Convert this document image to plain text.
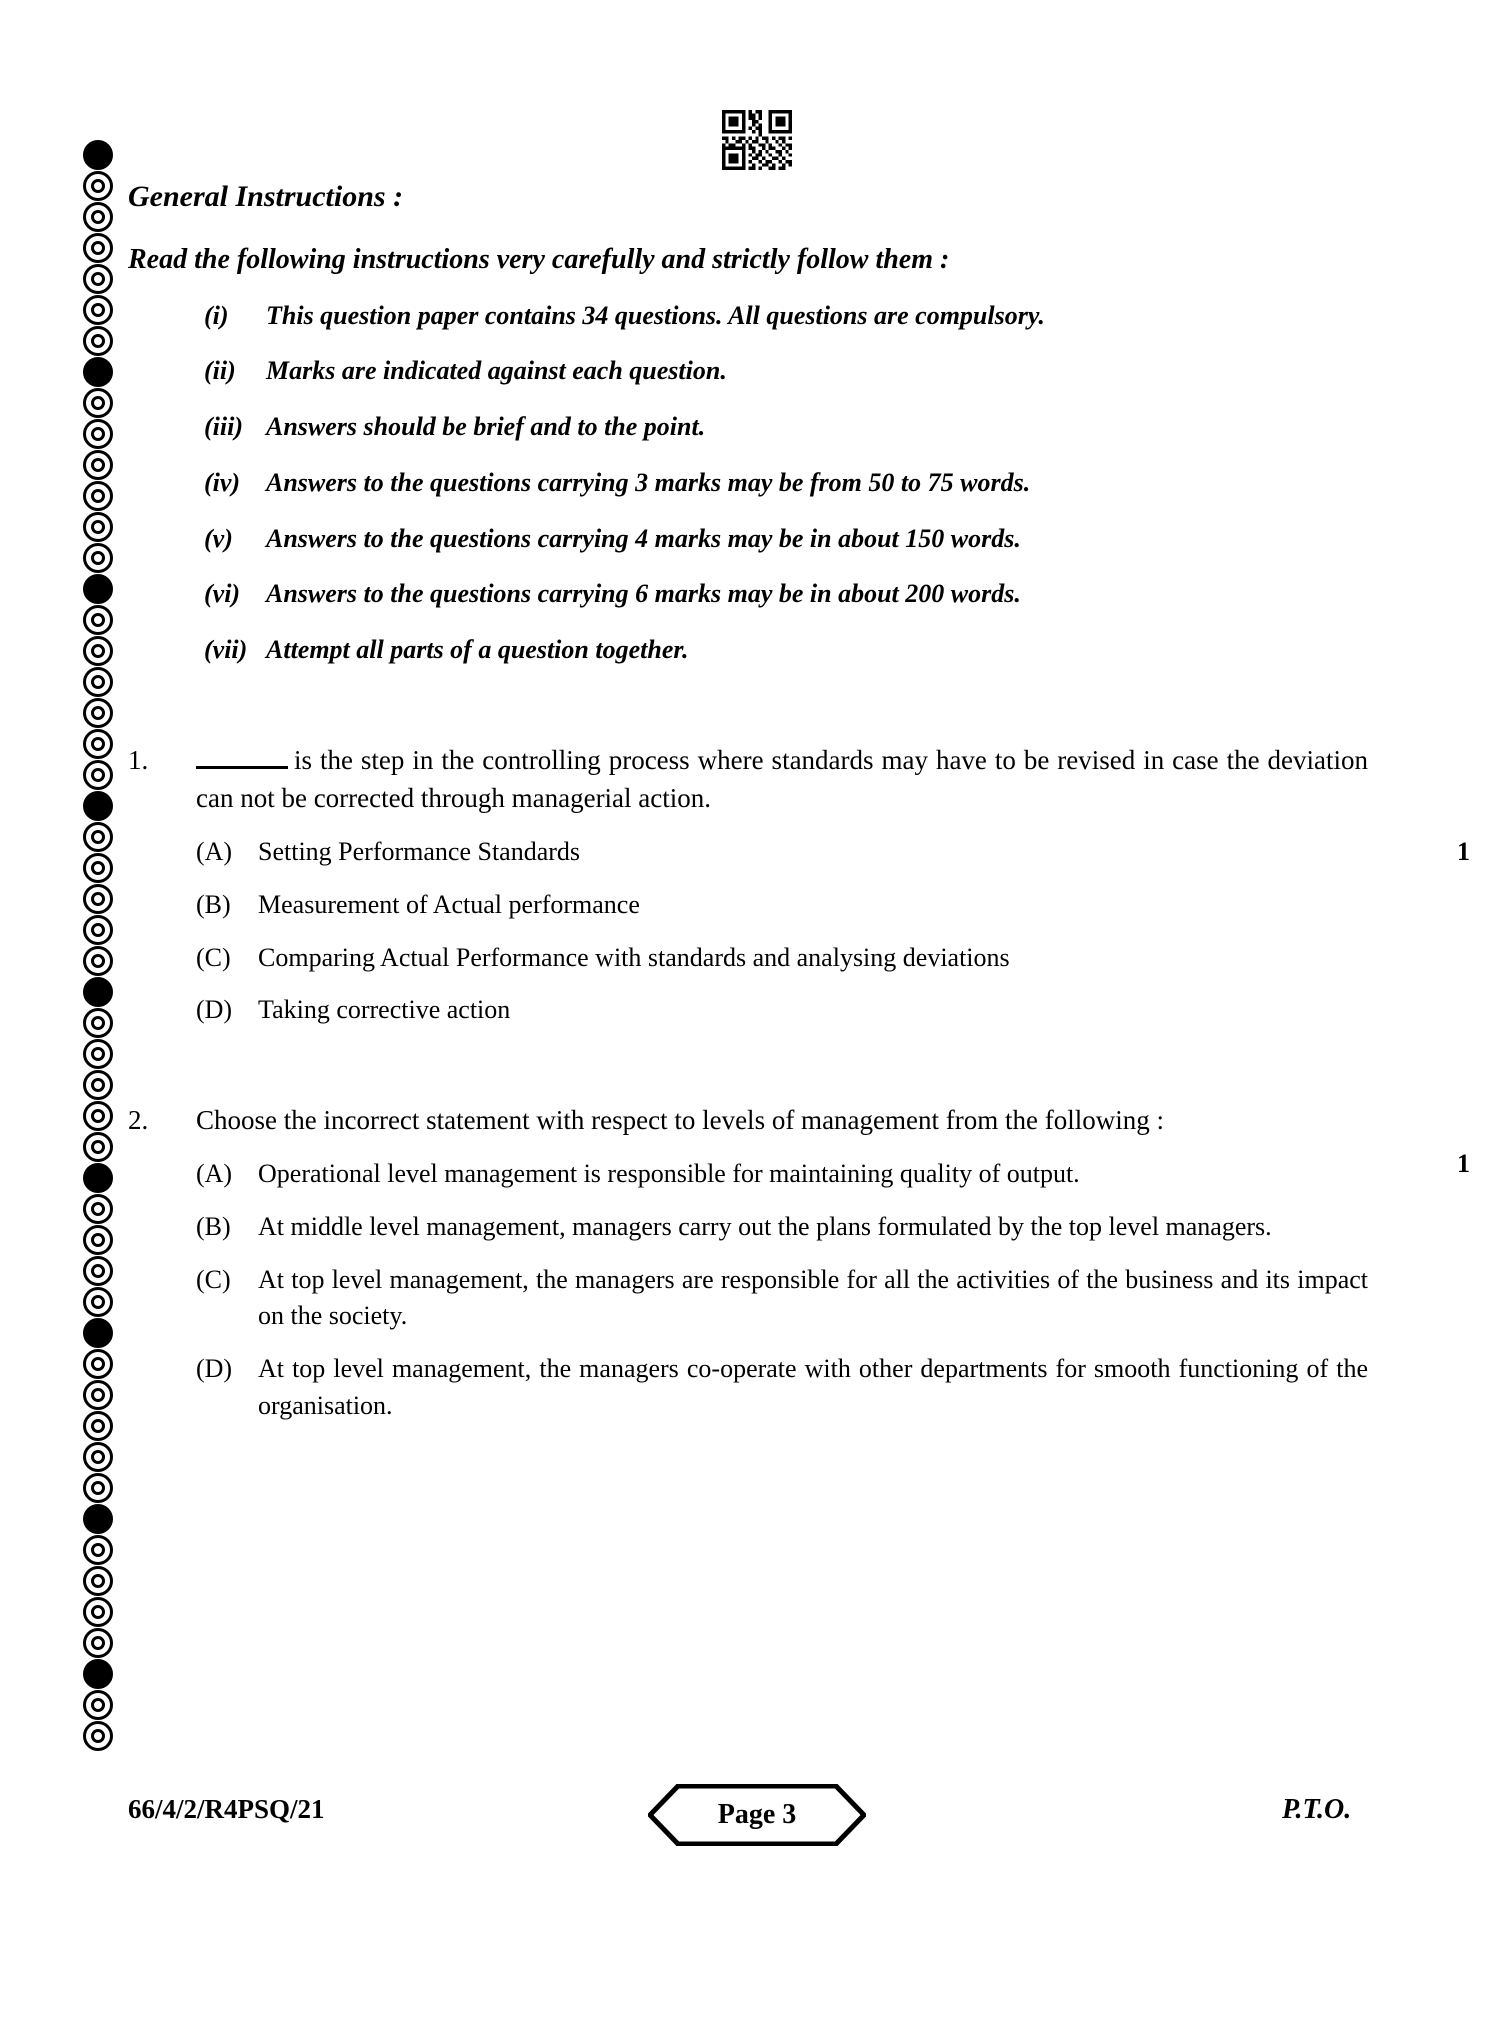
General Instructions :
Read the following instructions very carefully and strictly follow them :
(i)	This question paper contains 34 questions. All questions are compulsory.
(ii)	Marks are indicated against each question.
(iii) Answers should be brief and to the point.
(iv) Answers to the questions carrying 3 marks may be from 50 to 75 words.
(v)	Answers to the questions carrying 4 marks may be in about 150 words.
(vi) Answers to the questions carrying 6 marks may be in about 200 words.
(vii) Attempt all parts of a question together.
1.	is the step in the controlling process where standards may have to be revised in case the deviation can not be corrected through managerial action.
1
(A) Setting Performance Standards
(B)	Measurement of Actual performance
(C)	Comparing Actual Performance with standards and analysing deviations
(D) Taking corrective action
2.	Choose the incorrect statement with respect to levels of management from the following :
1
(A) Operational level management is responsible for maintaining quality of output.
(B)	At middle level management, managers carry out the plans formulated by the top level managers.
(C)	At top level management, the managers are responsible for all the activities of the business and its impact on the society.
(D) At top level management, the managers co-operate with other departments for smooth functioning of the organisation.
66/4/2/R4PSQ/21	Page 3	P.T.O.
